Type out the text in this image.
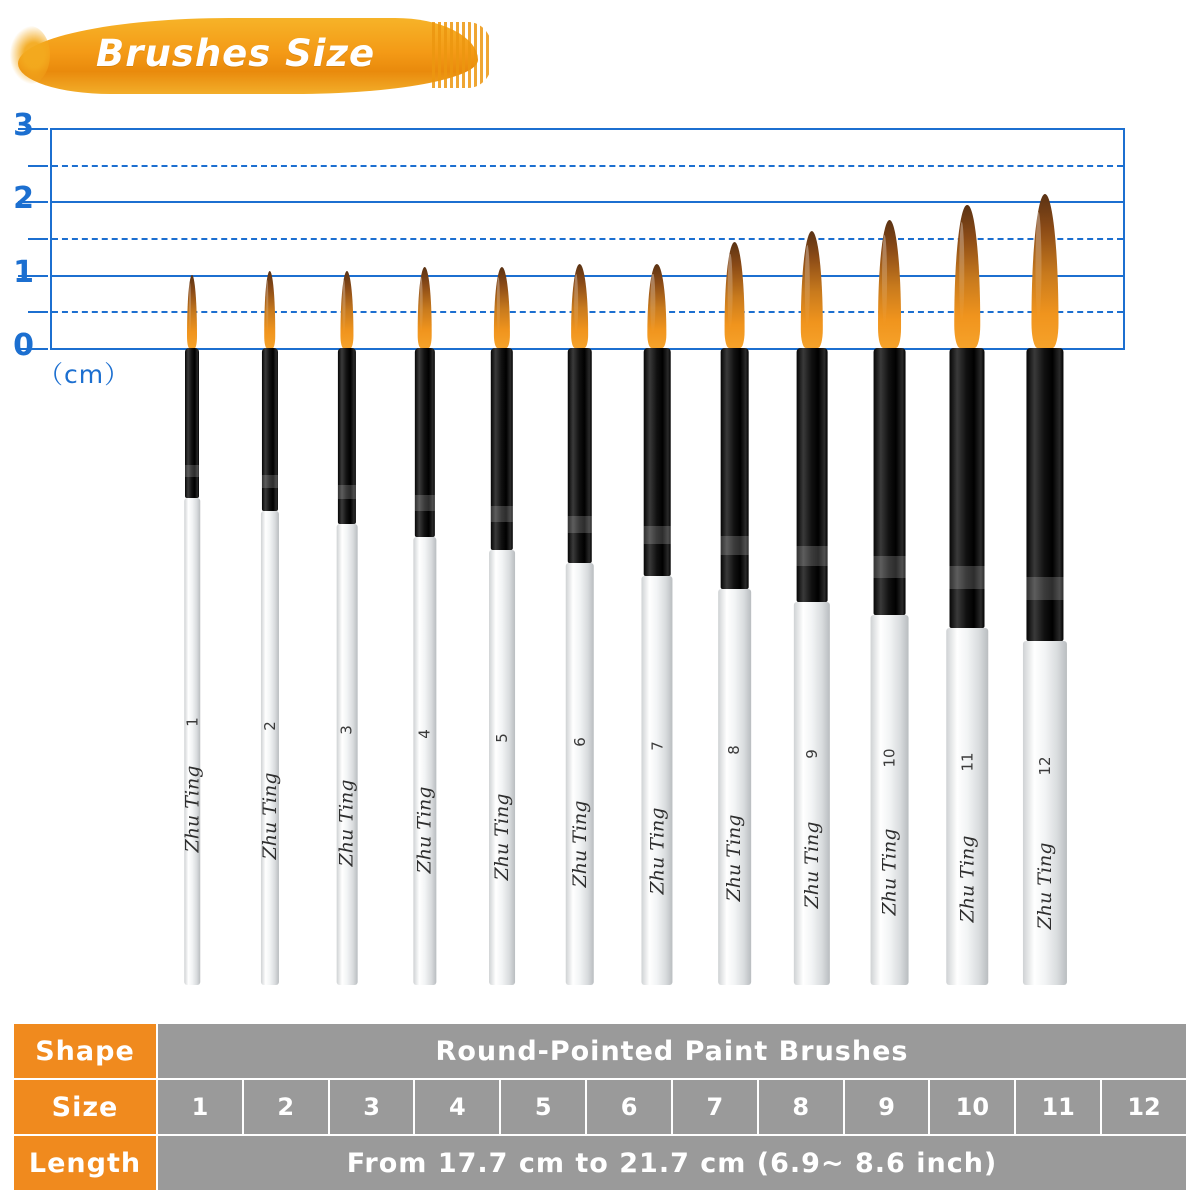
Brushes Size
3
2
1
0
（cm）
1
Zhu Ting
2
Zhu Ting
3
Zhu Ting
4
Zhu Ting
5
Zhu Ting
6
Zhu Ting
7
Zhu Ting
8
Zhu Ting
9
Zhu Ting
10
Zhu Ting
11
Zhu Ting
12
Zhu Ting
Shape	Round-Pointed Paint Brushes											
Size	1	2	3	4	5	6	7	8	9	10	11	12
Length	From 17.7 cm to 21.7 cm (6.9~ 8.6 inch)											
